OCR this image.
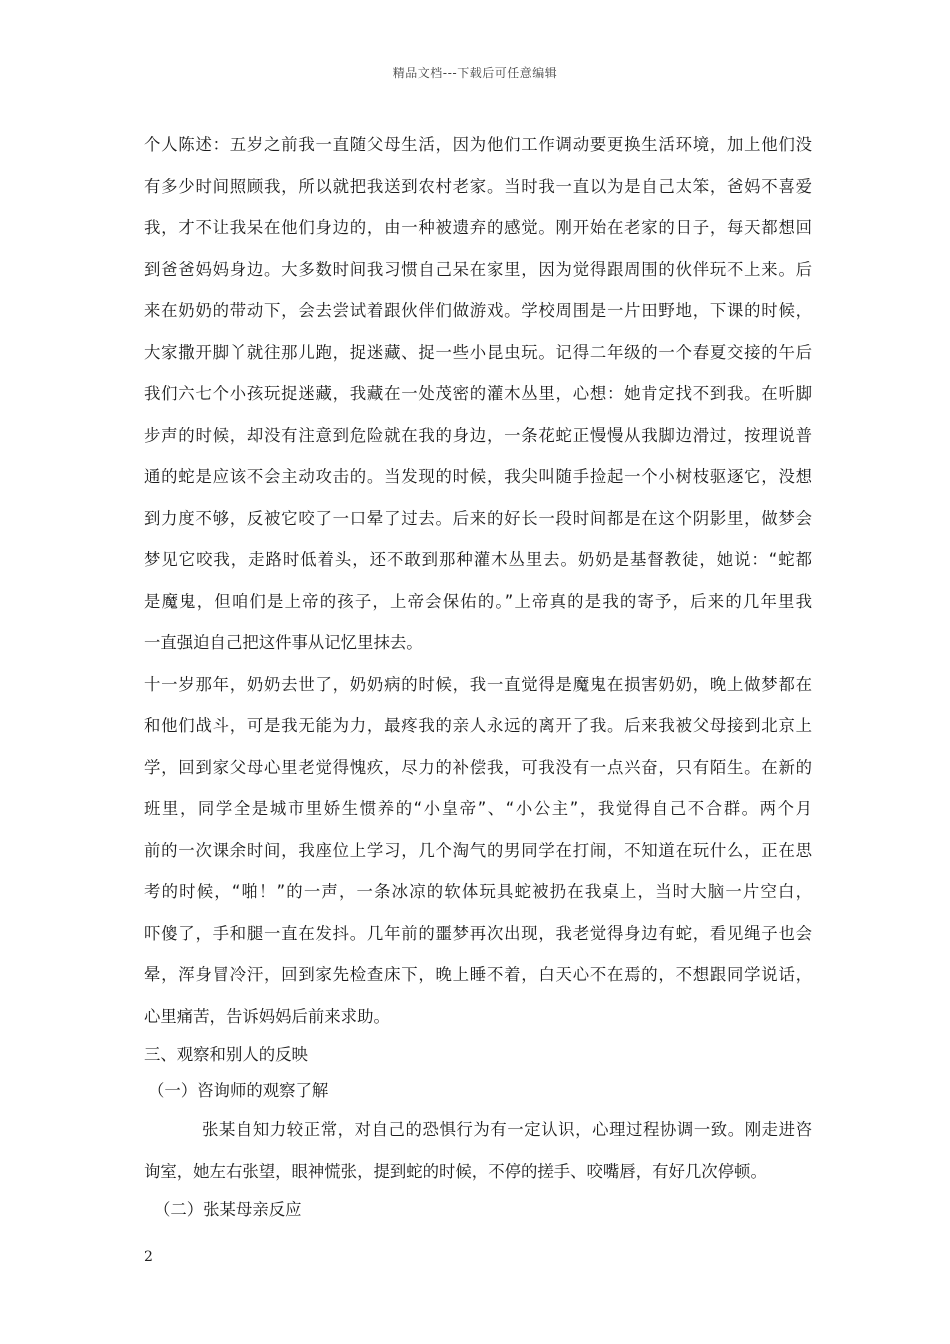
精品文档---下载后可任意编辑
个人陈述：五岁之前我一直随父母生活，因为他们工作调动要更换生活环境，加上他们没
有多少时间照顾我，所以就把我送到农村老家。当时我一直以为是自己太笨，爸妈不喜爱
我，才不让我呆在他们身边的，由一种被遗弃的感觉。刚开始在老家的日子，每天都想回
到爸爸妈妈身边。大多数时间我习惯自己呆在家里，因为觉得跟周围的伙伴玩不上来。后
来在奶奶的带动下，会去尝试着跟伙伴们做游戏。学校周围是一片田野地，下课的时候，
大家撒开脚丫就往那儿跑，捉迷藏、捉一些小昆虫玩。记得二年级的一个春夏交接的午后
我们六七个小孩玩捉迷藏，我藏在一处茂密的灌木丛里，心想：她肯定找不到我。在听脚
步声的时候，却没有注意到危险就在我的身边，一条花蛇正慢慢从我脚边滑过，按理说普
通的蛇是应该不会主动攻击的。当发现的时候，我尖叫随手捡起一个小树枝驱逐它，没想
到力度不够，反被它咬了一口晕了过去。后来的好长一段时间都是在这个阴影里，做梦会
梦见它咬我，走路时低着头，还不敢到那种灌木丛里去。奶奶是基督教徒，她说：“蛇都
是魔鬼，但咱们是上帝的孩子，上帝会保佑的。”上帝真的是我的寄予，后来的几年里我
一直强迫自己把这件事从记忆里抹去。
十一岁那年，奶奶去世了，奶奶病的时候，我一直觉得是魔鬼在损害奶奶，晚上做梦都在
和他们战斗，可是我无能为力，最疼我的亲人永远的离开了我。后来我被父母接到北京上
学，回到家父母心里老觉得愧疚，尽力的补偿我，可我没有一点兴奋，只有陌生。在新的
班里，同学全是城市里娇生惯养的“小皇帝”、“小公主”，我觉得自己不合群。两个月
前的一次课余时间，我座位上学习，几个淘气的男同学在打闹，不知道在玩什么，正在思
考的时候，“啪！”的一声，一条冰凉的软体玩具蛇被扔在我桌上，当时大脑一片空白，
吓傻了，手和腿一直在发抖。几年前的噩梦再次出现，我老觉得身边有蛇，看见绳子也会
晕，浑身冒冷汗，回到家先检查床下，晚上睡不着，白天心不在焉的，不想跟同学说话，
心里痛苦，告诉妈妈后前来求助。
三、观察和别人的反映
（一）咨询师的观察了解
张某自知力较正常，对自己的恐惧行为有一定认识，心理过程协调一致。刚走进咨
询室，她左右张望，眼神慌张，提到蛇的时候，不停的搓手、咬嘴唇，有好几次停顿。
（二）张某母亲反应
2
